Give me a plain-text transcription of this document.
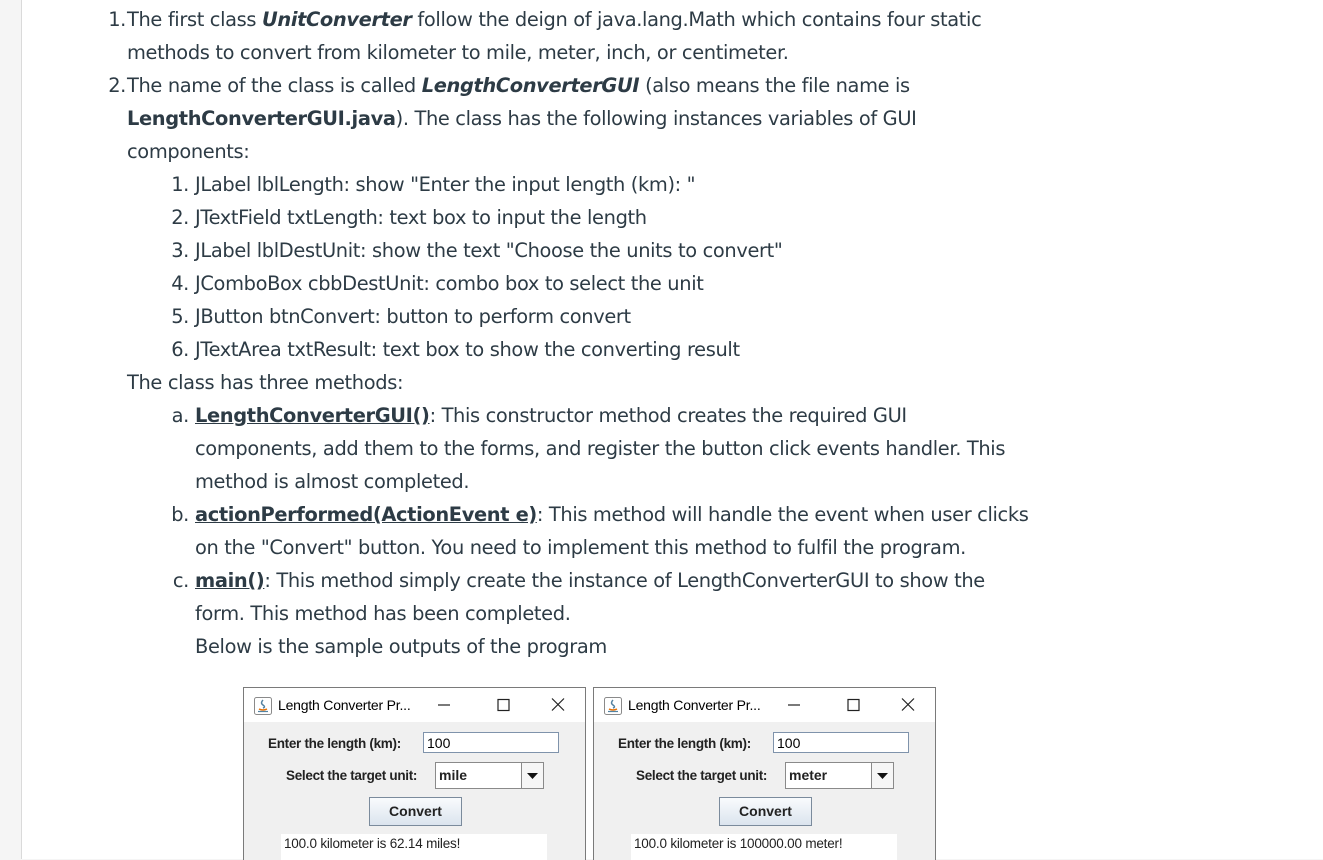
1. The first class UnitConverter follow the deign of java.lang.Math which contains four static
methods to convert from kilometer to mile, meter, inch, or centimeter.
2. The name of the class is called LengthConverterGUI (also means the file name is
LengthConverterGUI.java). The class has the following instances variables of GUI
components:
1. JLabel lblLength: show "Enter the input length (km): "
2. JTextField txtLength: text box to input the length
3. JLabel lblDestUnit: show the text "Choose the units to convert"
4. JComboBox cbbDestUnit: combo box to select the unit
5. JButton btnConvert: button to perform convert
6. JTextArea txtResult: text box to show the converting result
The class has three methods:
a. LengthConverterGUI(): This constructor method creates the required GUI
components, add them to the forms, and register the button click events handler. This
method is almost completed.
b. actionPerformed(ActionEvent e): This method will handle the event when user clicks
on the "Convert" button. You need to implement this method to fulfil the program.
c. main(): This method simply create the instance of LengthConverterGUI to show the
form. This method has been completed.
Below is the sample outputs of the program
Length Converter Pr...
Enter the length (km): 100
Select the target unit: mile
Convert
100.0 kilometer is 62.14 miles!
Length Converter Pr...
Enter the length (km): 100
Select the target unit: meter
Convert
100.0 kilometer is 100000.00 meter!
